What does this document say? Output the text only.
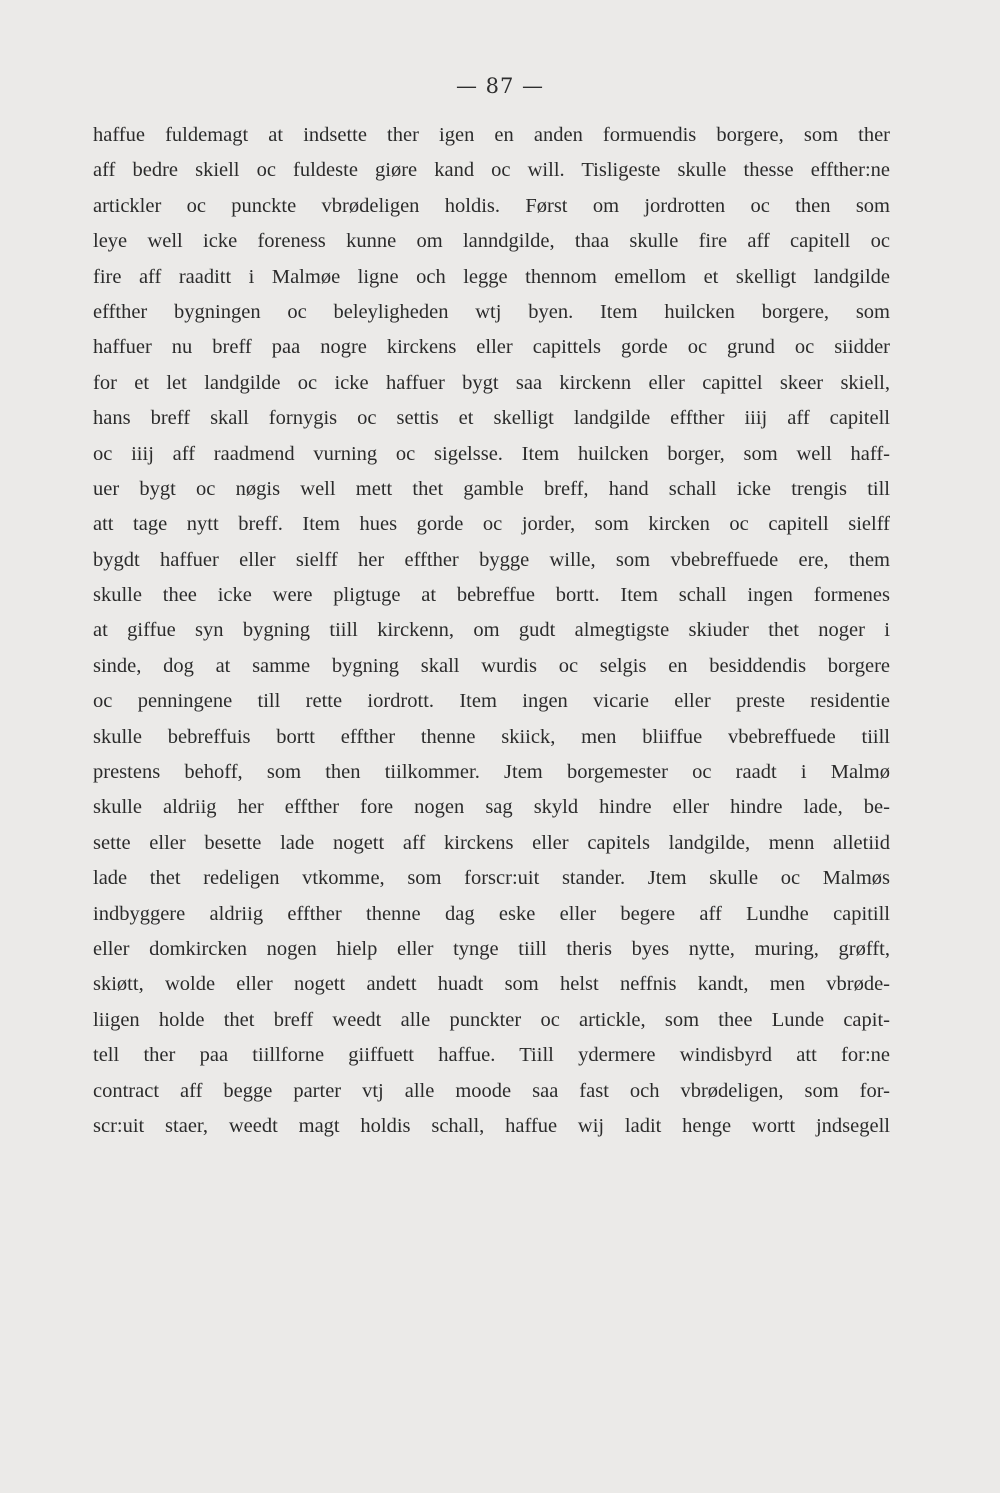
— 87 —
haffue fuldemagt at indsette ther igen en anden formuendis borgere, som ther
aff bedre skiell oc fuldeste giøre kand oc will. Tisligeste skulle thesse effther:ne
artickler oc punckte vbrødeligen holdis. Først om jordrotten oc then som
leye well icke foreness kunne om lanndgilde, thaa skulle fire aff capitell oc
fire aff raaditt i Malmøe ligne och legge thennom emellom et skelligt landgilde
effther bygningen oc beleyligheden wtj byen. Item huilcken borgere, som
haffuer nu breff paa nogre kirckens eller capittels gorde oc grund oc siidder
for et let landgilde oc icke haffuer bygt saa kirckenn eller capittel skeer skiell,
hans breff skall fornygis oc settis et skelligt landgilde effther iiij aff capitell
oc iiij aff raadmend vurning oc sigelsse. Item huilcken borger, som well haff-
uer bygt oc nøgis well mett thet gamble breff, hand schall icke trengis till
att tage nytt breff. Item hues gorde oc jorder, som kircken oc capitell sielff
bygdt haffuer eller sielff her effther bygge wille, som vbebreffuede ere, them
skulle thee icke were pligtuge at bebreffue bortt. Item schall ingen formenes
at giffue syn bygning tiill kirckenn, om gudt almegtigste skiuder thet noger i
sinde, dog at samme bygning skall wurdis oc selgis en besiddendis borgere
oc penningene till rette iordrott. Item ingen vicarie eller preste residentie
skulle bebreffuis bortt effther thenne skiick, men bliiffue vbebreffuede tiill
prestens behoff, som then tiilkommer. Jtem borgemester oc raadt i Malmø
skulle aldriig her effther fore nogen sag skyld hindre eller hindre lade, be-
sette eller besette lade nogett aff kirckens eller capitels landgilde, menn alletiid
lade thet redeligen vtkomme, som forscr:uit stander. Jtem skulle oc Malmøs
indbyggere aldriig effther thenne dag eske eller begere aff Lundhe capitill
eller domkircken nogen hielp eller tynge tiill theris byes nytte, muring, grøfft,
skiøtt, wolde eller nogett andett huadt som helst neffnis kandt, men vbrøde-
liigen holde thet breff weedt alle punckter oc artickle, som thee Lunde capit-
tell ther paa tiillforne giiffuett haffue. Tiill ydermere windisbyrd att for:ne
contract aff begge parter vtj alle moode saa fast och vbrødeligen, som for-
scr:uit staer, weedt magt holdis schall, haffue wij ladit henge wortt jndsegell
